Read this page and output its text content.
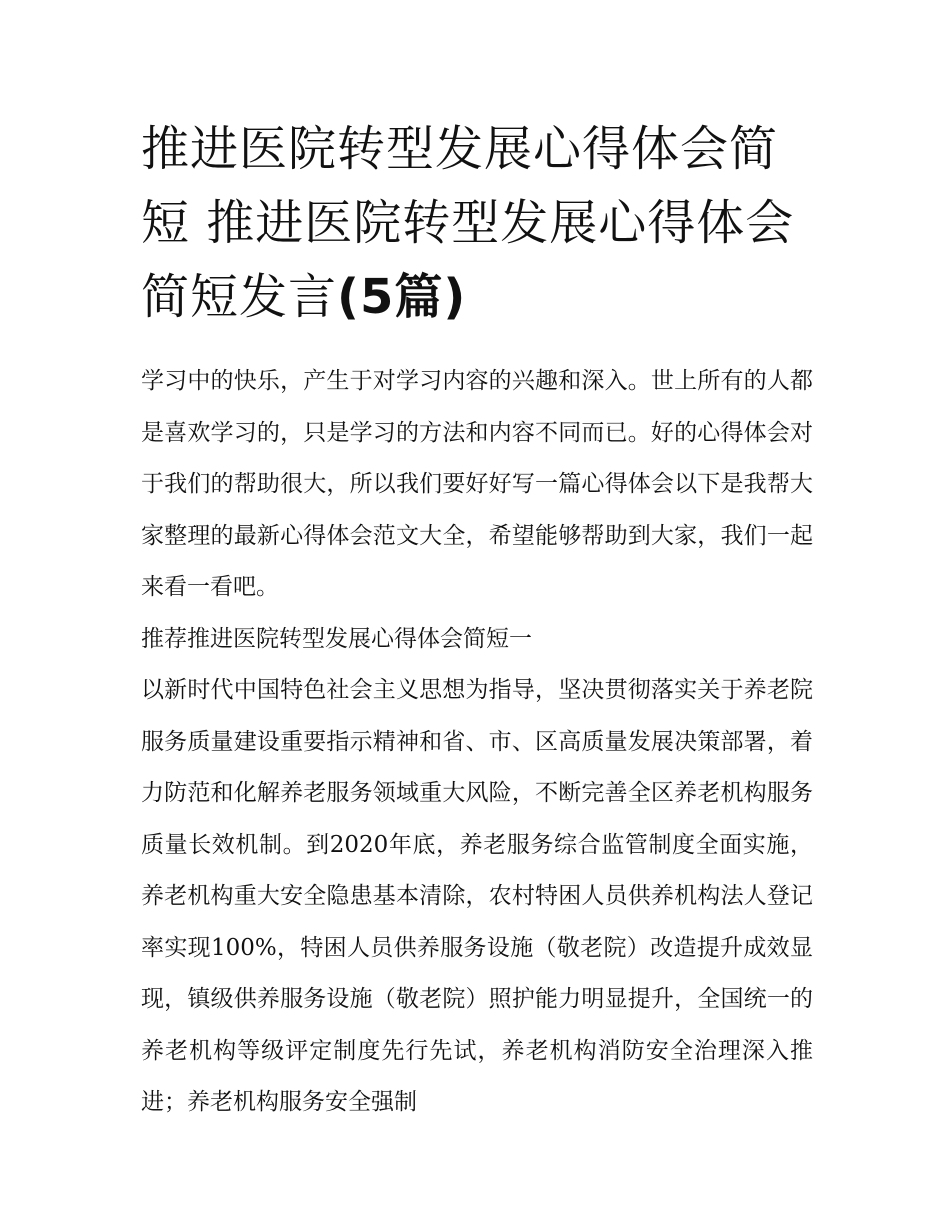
推进医院转型发展心得体会简短 推进医院转型发展心得体会简短发言(5篇)

学习中的快乐，产生于对学习内容的兴趣和深入。世上所有的人都是喜欢学习的，只是学习的方法和内容不同而已。好的心得体会对于我们的帮助很大，所以我们要好好写一篇心得体会以下是我帮大家整理的最新心得体会范文大全，希望能够帮助到大家，我们一起来看一看吧。

推荐推进医院转型发展心得体会简短一

以新时代中国特色社会主义思想为指导，坚决贯彻落实关于养老院服务质量建设重要指示精神和省、市、区高质量发展决策部署，着力防范和化解养老服务领域重大风险，不断完善全区养老机构服务质量长效机制。到2020年底，养老服务综合监管制度全面实施，养老机构重大安全隐患基本清除，农村特困人员供养机构法人登记率实现100%，特困人员供养服务设施（敬老院）改造提升成效显现，镇级供养服务设施（敬老院）照护能力明显提升，全国统一的养老机构等级评定制度先行先试，养老机构消防安全治理深入推进；养老机构服务安全强制
